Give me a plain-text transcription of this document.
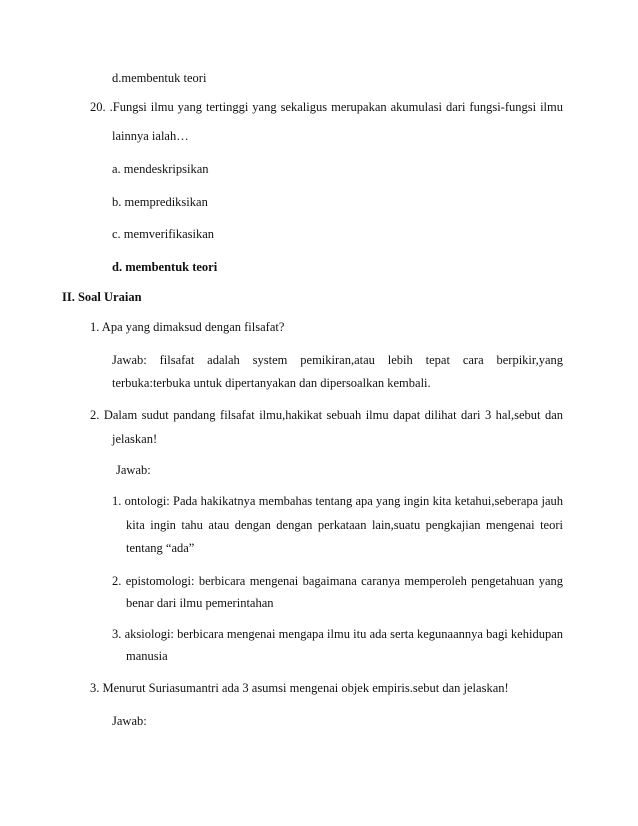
d.membentuk teori
20. .Fungsi ilmu yang tertinggi yang sekaligus merupakan akumulasi dari fungsi-fungsi ilmu
lainnya ialah…
a. mendeskripsikan
b. memprediksikan
c. memverifikasikan
d. membentuk teori
II. Soal Uraian
1. Apa yang dimaksud dengan filsafat?
Jawab: filsafat adalah system pemikiran,atau lebih tepat cara berpikir,yang
terbuka:terbuka untuk dipertanyakan dan dipersoalkan kembali.
2. Dalam sudut pandang filsafat ilmu,hakikat sebuah ilmu dapat dilihat dari 3 hal,sebut dan
jelaskan!
Jawab:
1. ontologi: Pada hakikatnya membahas tentang apa yang ingin kita ketahui,seberapa jauh
kita ingin tahu atau dengan dengan perkataan lain,suatu pengkajian mengenai teori
tentang “ada”
2. epistomologi: berbicara mengenai bagaimana caranya memperoleh pengetahuan yang
benar dari ilmu pemerintahan
3. aksiologi: berbicara mengenai mengapa ilmu itu ada serta kegunaannya bagi kehidupan
manusia
3. Menurut Suriasumantri ada 3 asumsi mengenai objek empiris.sebut dan jelaskan!
Jawab:
